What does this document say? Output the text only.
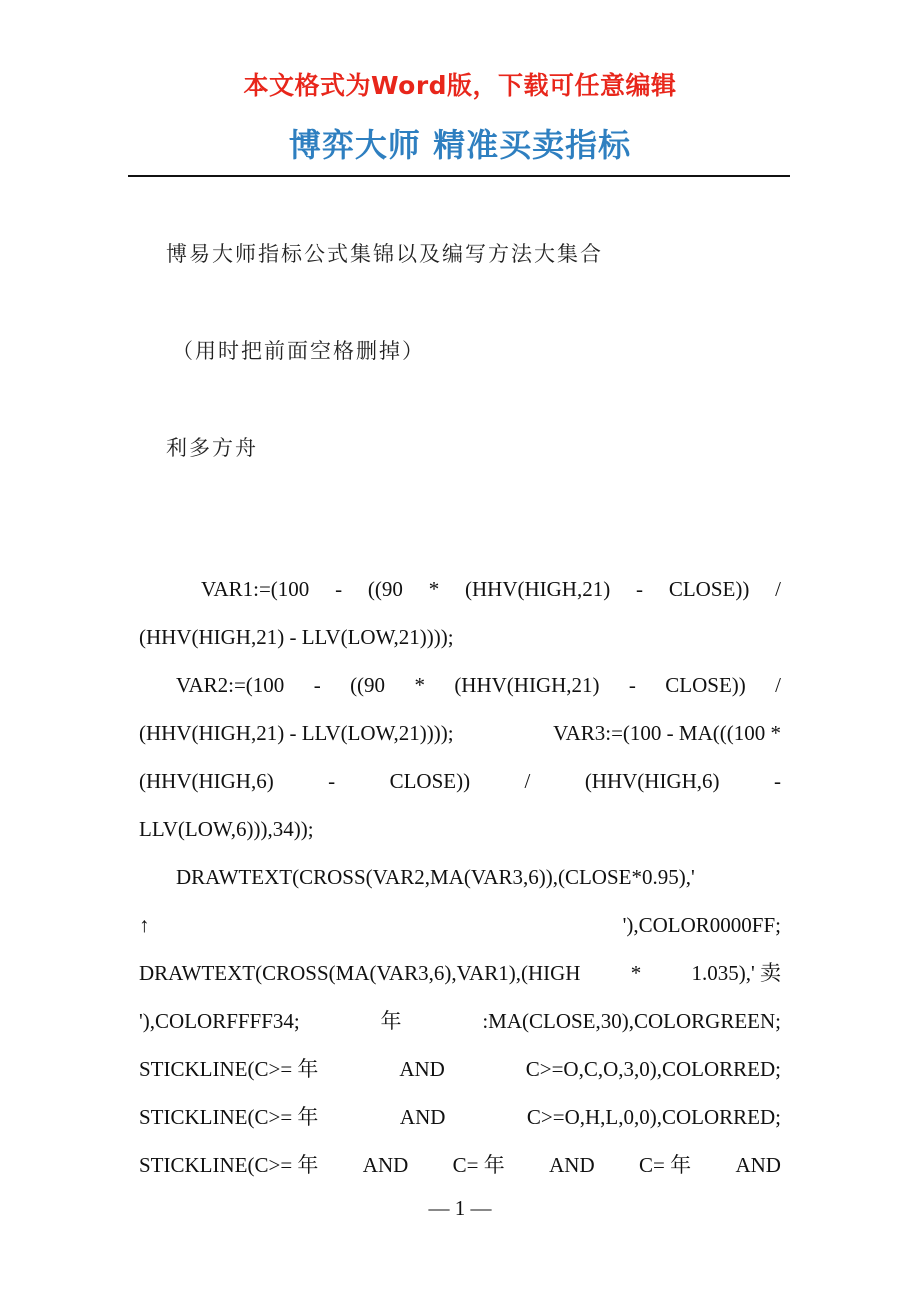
本文格式为Word版，下载可任意编辑
博弈大师 精准买卖指标
博易大师指标公式集锦以及编写方法大集合
（用时把前面空格删掉）
利多方舟
VAR1:=(100 - ((90 * (HHV(HIGH,21) - CLOSE)) /
(HHV(HIGH,21) - LLV(LOW,21))));
VAR2:=(100 - ((90 * (HHV(HIGH,21) - CLOSE)) /
(HHV(HIGH,21) - LLV(LOW,21))));	VAR3:=(100 - MA(((100 *
(HHV(HIGH,6)	-	CLOSE))	/	(HHV(HIGH,6)	-
LLV(LOW,6))),34));
DRAWTEXT(CROSS(VAR2,MA(VAR3,6)),(CLOSE*0.95),'
↑	'),COLOR0000FF;
DRAWTEXT(CROSS(MA(VAR3,6),VAR1),(HIGH * 1.035),' 卖
'),COLORFFFF34;	年	:MA(CLOSE,30),COLORGREEN;
STICKLINE(C>= 年	AND	C>=O,C,O,3,0),COLORRED;
STICKLINE(C>= 年	AND	C>=O,H,L,0,0),COLORRED;
STICKLINE(C>= 年 AND C= 年 AND C= 年 AND
— 1 —
